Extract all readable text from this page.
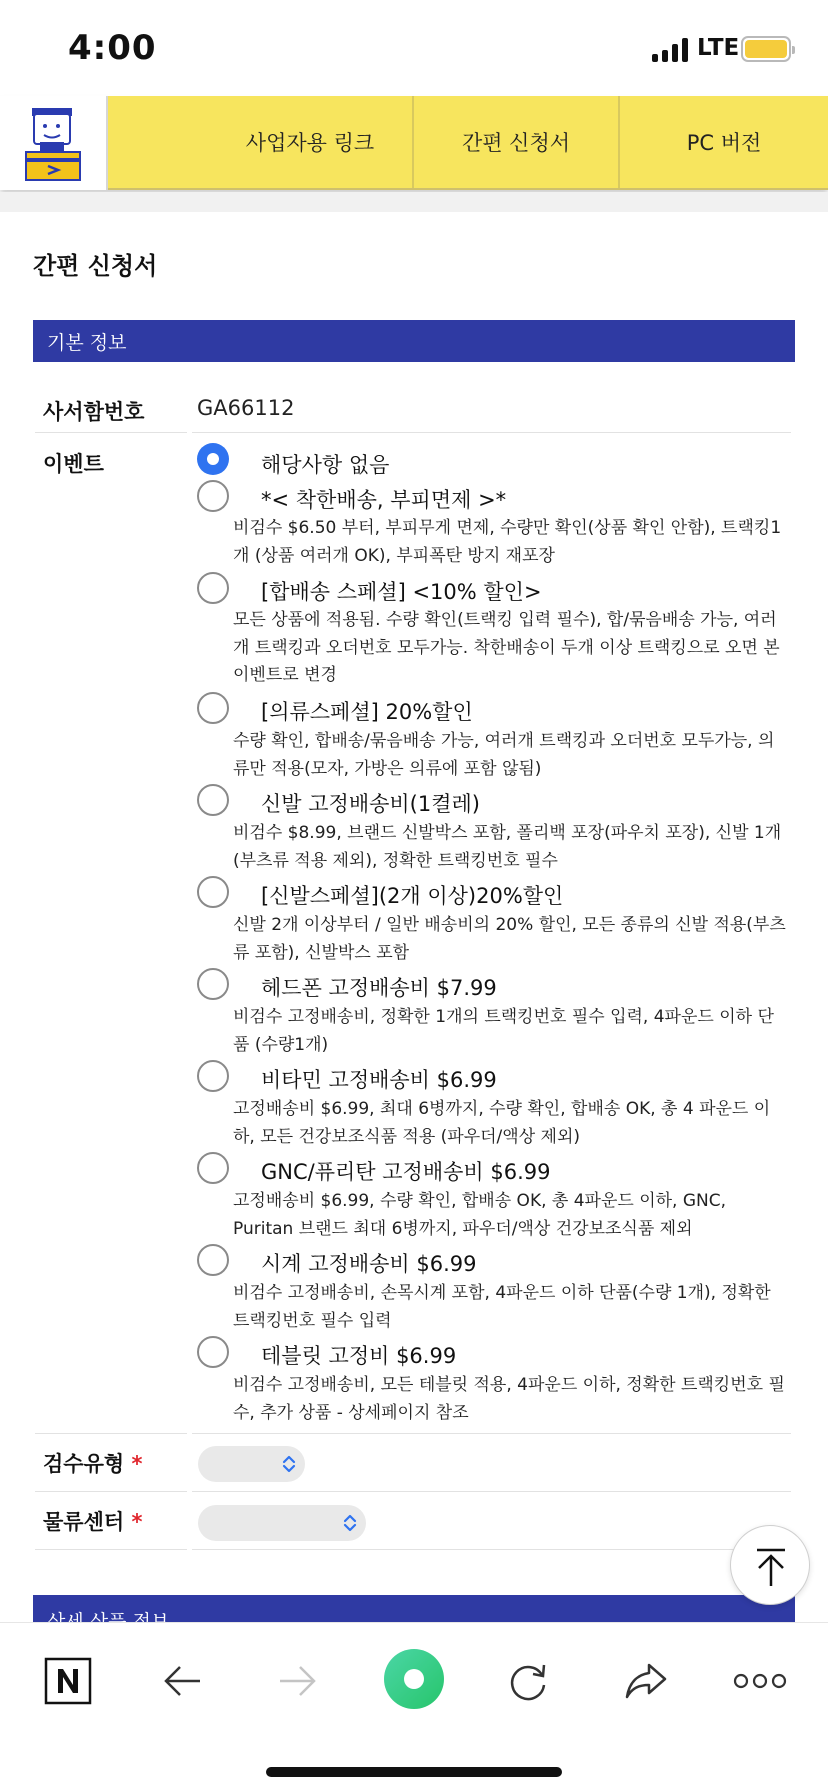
4:00	LTE
사업자용 링크	간편 신청서	PC 버전
간편 신청서
기본 정보
사서함번호	GA66112
이벤트	해당사항 없음
*< 착한배송, 부피면제 >*
비검수 $6.50 부터, 부피무게 면제, 수량만 확인(상품 확인 안함), 트랙킹1개 (상품 여러개 OK), 부피폭탄 방지 재포장
[합배송 스페셜] <10% 할인>
모든 상품에 적용됨. 수량 확인(트랙킹 입력 필수), 합/묶음배송 가능, 여러개 트랙킹과 오더번호 모두가능. 착한배송이 두개 이상 트랙킹으로 오면 본 이벤트로 변경
[의류스페셜] 20%할인
수량 확인, 합배송/묶음배송 가능, 여러개 트랙킹과 오더번호 모두가능, 의류만 적용(모자, 가방은 의류에 포함 않됨)
신발 고정배송비(1켤레)
비검수 $8.99, 브랜드 신발박스 포함, 폴리백 포장(파우치 포장), 신발 1개 (부츠류 적용 제외), 정확한 트랙킹번호 필수
[신발스페셜](2개 이상)20%할인
신발 2개 이상부터 / 일반 배송비의 20% 할인, 모든 종류의 신발 적용(부츠류 포함), 신발박스 포함
헤드폰 고정배송비 $7.99
비검수 고정배송비, 정확한 1개의 트랙킹번호 필수 입력, 4파운드 이하 단품 (수량1개)
비타민 고정배송비 $6.99
고정배송비 $6.99, 최대 6병까지, 수량 확인, 합배송 OK, 총 4 파운드 이하, 모든 건강보조식품 적용 (파우더/액상 제외)
GNC/퓨리탄 고정배송비 $6.99
고정배송비 $6.99, 수량 확인, 합배송 OK, 총 4파운드 이하, GNC, Puritan 브랜드 최대 6병까지, 파우더/액상 건강보조식품 제외
시계 고정배송비 $6.99
비검수 고정배송비, 손목시계 포함, 4파운드 이하 단품(수량 1개), 정확한 트랙킹번호 필수 입력
테블릿 고정비 $6.99
비검수 고정배송비, 모든 테블릿 적용, 4파운드 이하, 정확한 트랙킹번호 필수, 추가 상품 - 상세페이지 참조
검수유형 *
물류센터 *
